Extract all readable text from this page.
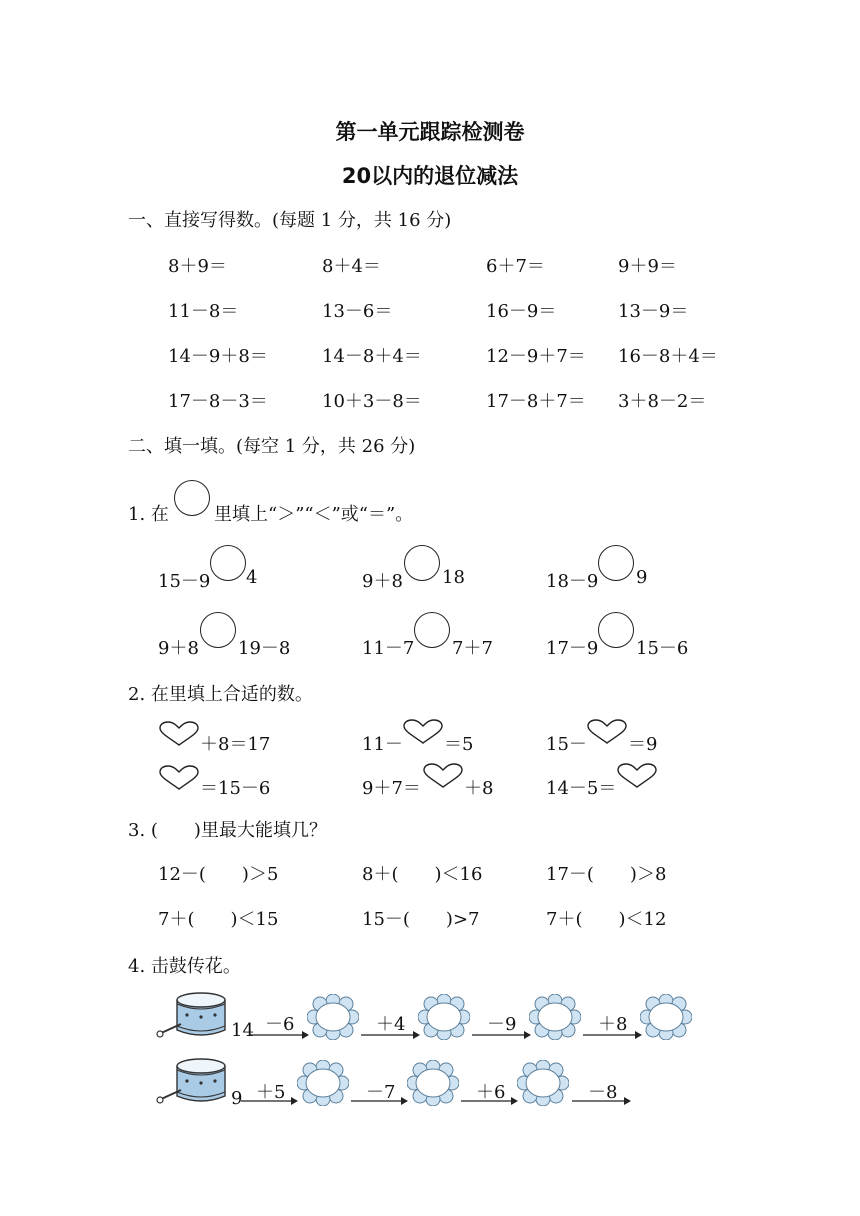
第一单元跟踪检测卷
20以内的退位减法
一、直接写得数。(每题 1 分，共 16 分)
8＋9＝	8＋4＝	6＋7＝	9＋9＝
11－8＝	13－6＝	16－9＝	13－9＝
14－9＋8＝	14－8＋4＝	12－9＋7＝ 16－8＋4＝
17－8－3＝	10＋3－8＝	17－8＋7＝ 3＋8－2＝
二、填一填。(每空 1 分，共 26 分)
1. 在	里填上“＞”“＜”或“＝”。
15－9 4	9＋8 18	18－9 9
9＋8 19－8	11－7 7＋7	17－9 15－6
2. 在里填上合适的数。
＋8＝17	11－ ＝5	15－ ＝9
＝15－6	9＋7＝ ＋8	14－5＝
3. (　　)里最大能填几？
12－(　　)＞5	8＋(　　)＜16	17－(　　)＞8
7＋(　　)＜15	15－(　　)>7	7＋(　　)＜12
4. 击鼓传花。
14 －6	＋4	－9	＋8
9 ＋5	－7	＋6	－8
